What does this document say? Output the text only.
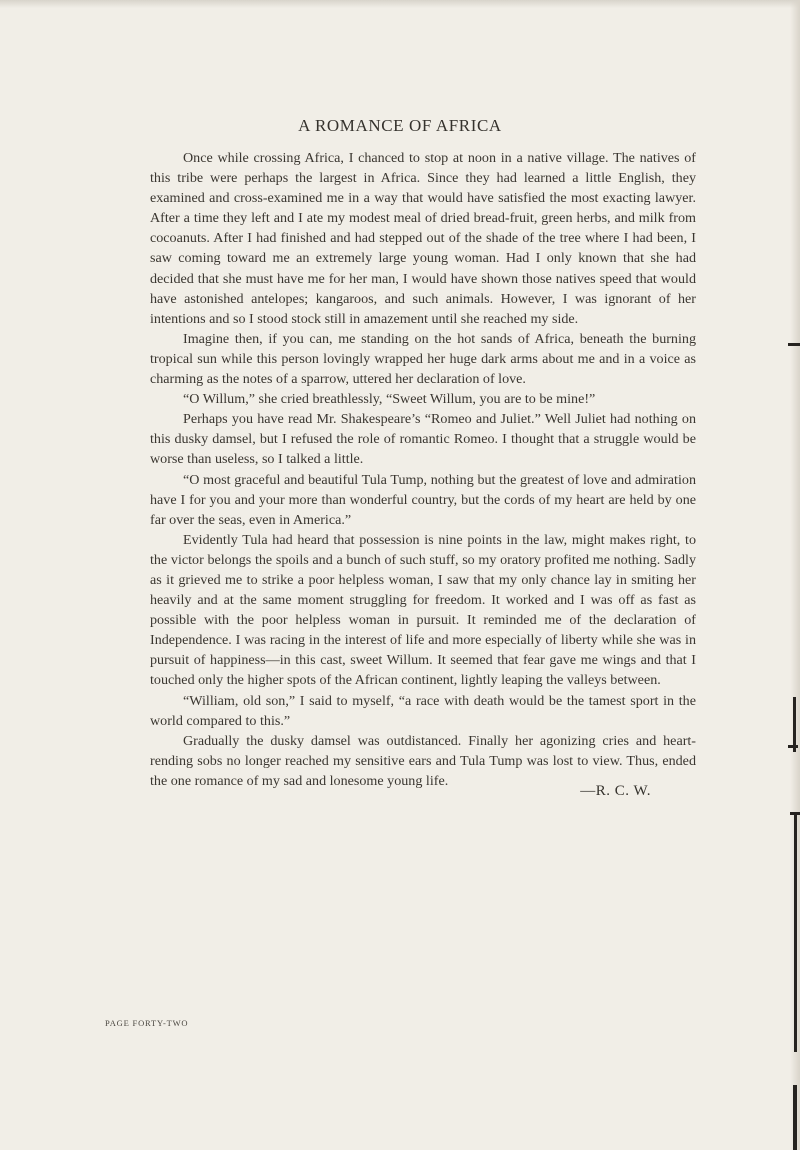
A ROMANCE OF AFRICA

Once while crossing Africa, I chanced to stop at noon in a native village. The natives of this tribe were perhaps the largest in Africa. Since they had learned a little English, they examined and cross-examined me in a way that would have satisfied the most exacting lawyer. After a time they left and I ate my modest meal of dried bread-fruit, green herbs, and milk from cocoanuts. After I had finished and had stepped out of the shade of the tree where I had been, I saw coming toward me an extremely large young woman. Had I only known that she had decided that she must have me for her man, I would have shown those natives speed that would have astonished antelopes; kangaroos, and such animals. However, I was ignorant of her intentions and so I stood stock still in amazement until she reached my side.

Imagine then, if you can, me standing on the hot sands of Africa, beneath the burning tropical sun while this person lovingly wrapped her huge dark arms about me and in a voice as charming as the notes of a sparrow, uttered her declaration of love.

“O Willum,” she cried breathlessly, “Sweet Willum, you are to be mine!”

Perhaps you have read Mr. Shakespeare’s “Romeo and Juliet.” Well Juliet had nothing on this dusky damsel, but I refused the role of romantic Romeo. I thought that a struggle would be worse than useless, so I talked a little.

“O most graceful and beautiful Tula Tump, nothing but the greatest of love and admiration have I for you and your more than wonderful country, but the cords of my heart are held by one far over the seas, even in America.”

Evidently Tula had heard that possession is nine points in the law, might makes right, to the victor belongs the spoils and a bunch of such stuff, so my oratory profited me nothing. Sadly as it grieved me to strike a poor helpless woman, I saw that my only chance lay in smiting her heavily and at the same moment struggling for freedom. It worked and I was off as fast as possible with the poor helpless woman in pursuit. It reminded me of the declaration of Independence. I was racing in the interest of life and more especially of liberty while she was in pursuit of happiness—in this cast, sweet Willum. It seemed that fear gave me wings and that I touched only the higher spots of the African continent, lightly leaping the valleys between.

“William, old son,” I said to myself, “a race with death would be the tamest sport in the world compared to this.”

Gradually the dusky damsel was outdistanced. Finally her agonizing cries and heart-rending sobs no longer reached my sensitive ears and Tula Tump was lost to view. Thus, ended the one romance of my sad and lonesome young life.

—R. C. W.
PAGE FORTY-TWO
